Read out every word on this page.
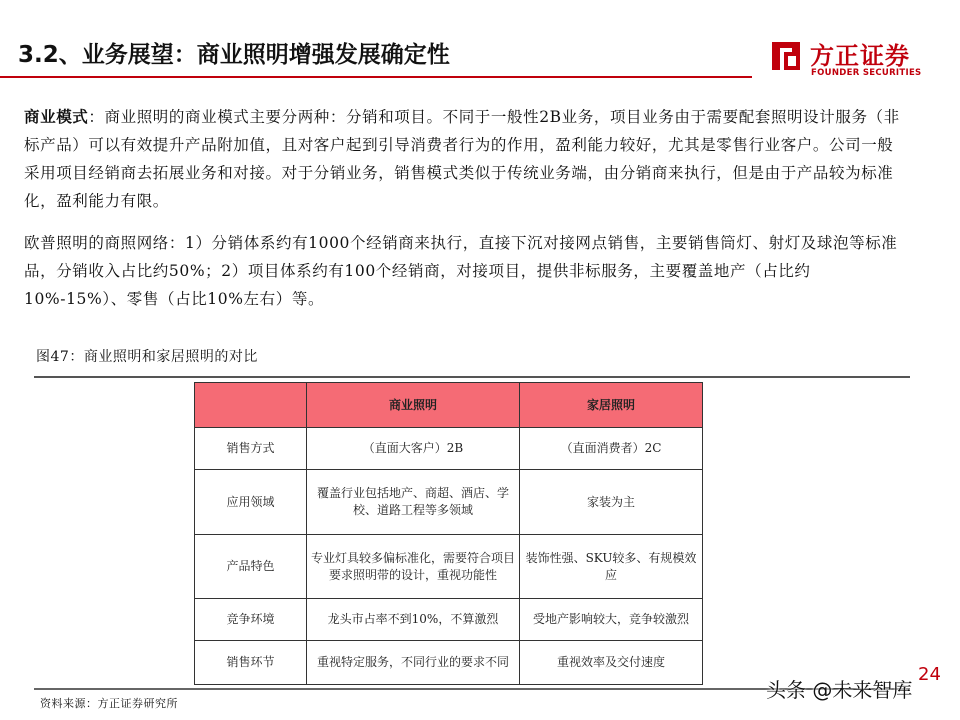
3.2、业务展望：商业照明增强发展确定性	方正证券
FOUNDER SECURITIES
商业模式：商业照明的商业模式主要分两种：分销和项目。不同于一般性2B业务，项目业务由于需要配套照明设计服务（非标产品）可以有效提升产品附加值，且对客户起到引导消费者行为的作用，盈利能力较好，尤其是零售行业客户。公司一般采用项目经销商去拓展业务和对接。对于分销业务，销售模式类似于传统业务端，由分销商来执行，但是由于产品较为标准化，盈利能力有限。
欧普照明的商照网络：1）分销体系约有1000个经销商来执行，直接下沉对接网点销售，主要销售筒灯、射灯及球泡等标准品，分销收入占比约50%；2）项目体系约有100个经销商，对接项目，提供非标服务，主要覆盖地产（占比约10%-15%）、零售（占比10%左右）等。
图47：商业照明和家居照明的对比
	商业照明	家居照明
销售方式	（直面大客户）2B	（直面消费者）2C
应用领域	覆盖行业包括地产、商超、酒店、学校、道路工程等多领域	家装为主
产品特色	专业灯具较多偏标准化，需要符合项目要求照明带的设计，重视功能性	装饰性强、SKU较多、有规模效应
竞争环境	龙头市占率不到10%，不算激烈	受地产影响较大，竞争较激烈
销售环节	重视特定服务，不同行业的要求不同	重视效率及交付速度
24
资料来源：方正证券研究所
头条 @未来智库
